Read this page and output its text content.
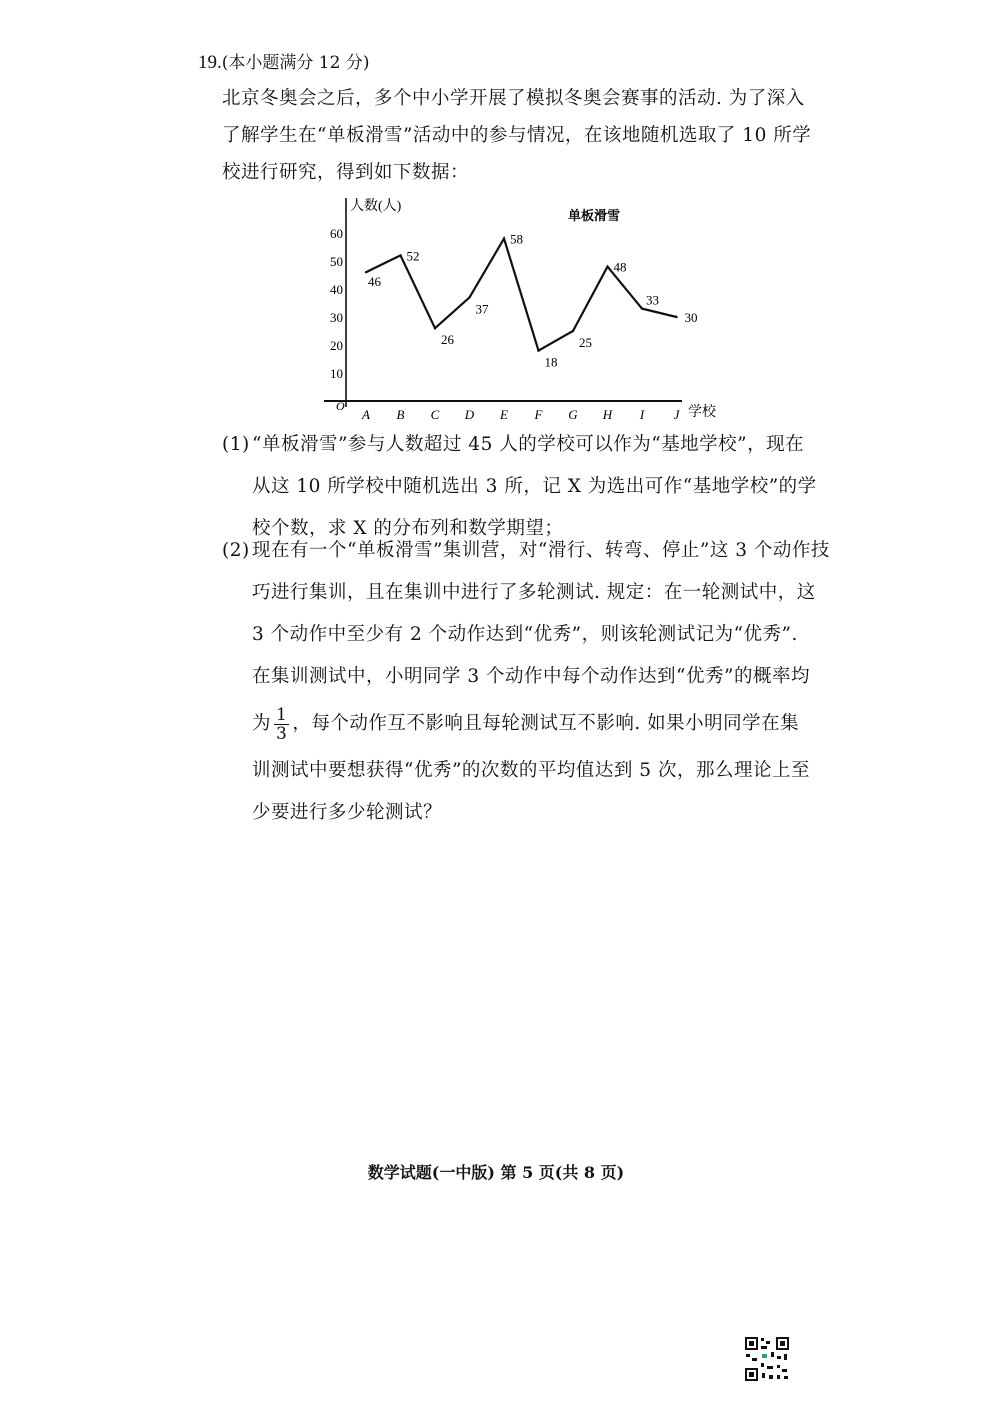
19.(本小题满分 12 分)
北京冬奥会之后，多个中小学开展了模拟冬奥会赛事的活动. 为了深入
了解学生在“单板滑雪”活动中的参与情况，在该地随机选取了 10 所学
校进行研究，得到如下数据：
10
20
30
40
50
60
A B C D E F G H I J
46
52
26
37
58
18
25
48
33
30
人数(人)
学校
单板滑雪
O
(1) “单板滑雪”参与人数超过 45 人的学校可以作为“基地学校”，现在
从这 10 所学校中随机选出 3 所，记 X 为选出可作“基地学校”的学
校个数，求 X 的分布列和数学期望；
(2) 现在有一个“单板滑雪”集训营，对“滑行、转弯、停止”这 3 个动作技
巧进行集训，且在集训中进行了多轮测试. 规定：在一轮测试中，这
3 个动作中至少有 2 个动作达到“优秀”，则该轮测试记为“优秀”.
在集训测试中，小明同学 3 个动作中每个动作达到“优秀”的概率均
为 $\frac{1}{3}$ ，每个动作互不影响且每轮测试互不影响. 如果小明同学在集
训测试中要想获得“优秀”的次数的平均值达到 5 次，那么理论上至
少要进行多少轮测试？
数学试题(一中版) 第 5 页(共 8 页)
